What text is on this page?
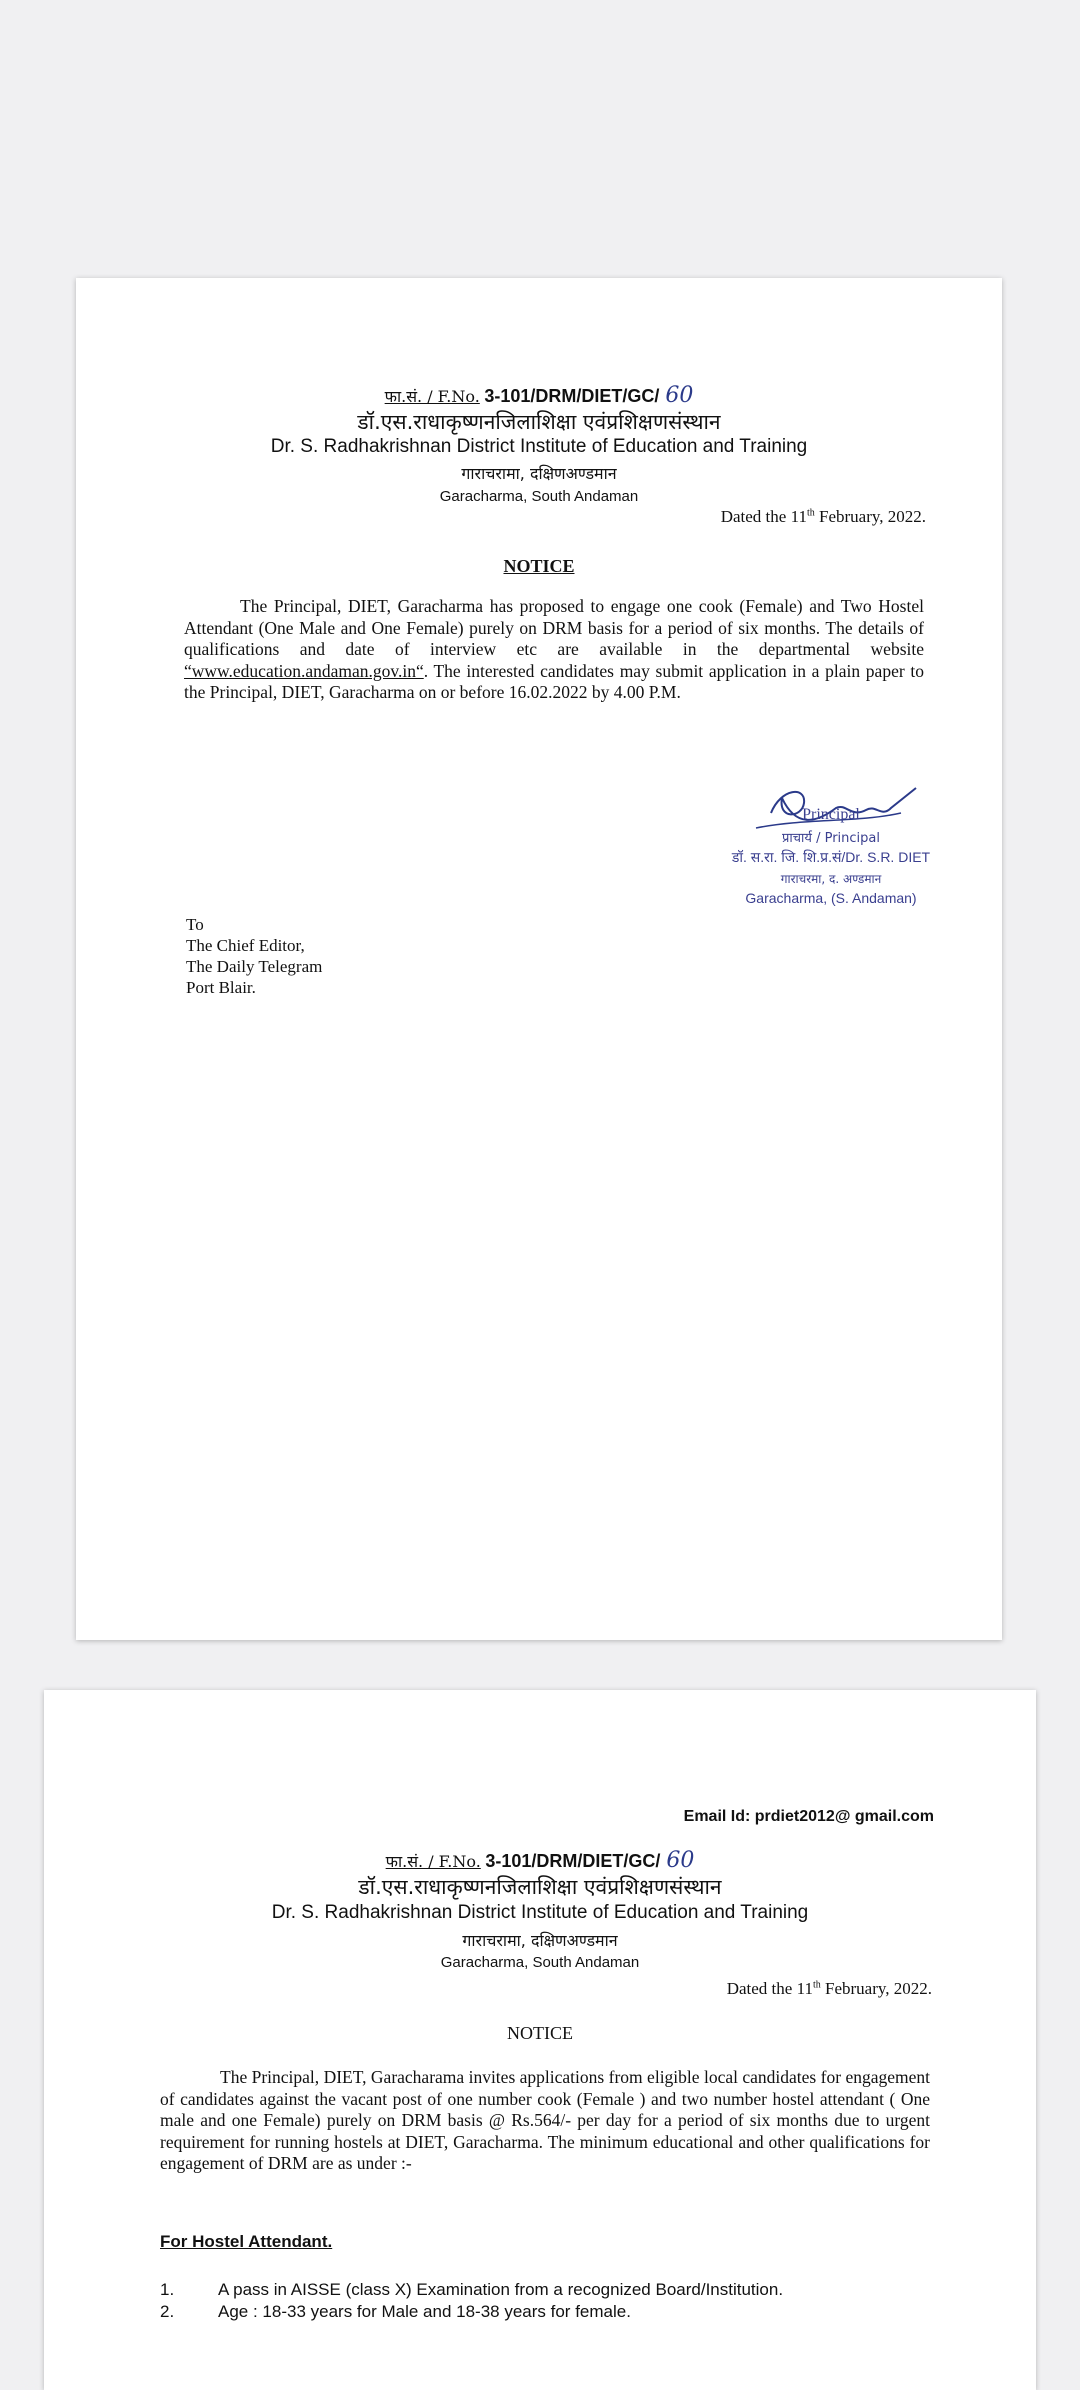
फा.सं. / F.No. 3-101/DRM/DIET/GC/ 60
डॉ.एस.राधाकृष्णनजिलाशिक्षा एवंप्रशिक्षणसंस्थान
Dr. S. Radhakrishnan District Institute of Education and Training
गाराचरामा, दक्षिणअण्डमान
Garacharma, South Andaman
Dated the 11th February, 2022.
NOTICE
The Principal, DIET, Garacharma has proposed to engage one cook (Female) and Two Hostel Attendant (One Male and One Female) purely on DRM basis for a period of six months. The details of qualifications and date of interview etc are available in the departmental website “www.education.andaman.gov.in“. The interested candidates may submit application in a plain paper to the Principal, DIET, Garacharma on or before 16.02.2022 by 4.00 P.M.
Principal
प्राचार्य / Principal
डॉ. स.रा. जि. शि.प्र.सं/Dr. S.R. DIET
गाराचरमा, द. अण्डमान
Garacharma, (S. Andaman)
To
The Chief Editor,
The Daily Telegram
Port Blair.
Email Id: prdiet2012@ gmail.com
फा.सं. / F.No. 3-101/DRM/DIET/GC/ 60
डॉ.एस.राधाकृष्णनजिलाशिक्षा एवंप्रशिक्षणसंस्थान
Dr. S. Radhakrishnan District Institute of Education and Training
गाराचरामा, दक्षिणअण्डमान
Garacharma, South Andaman
Dated the 11th February, 2022.
NOTICE
The Principal, DIET, Garacharama invites applications from eligible local candidates for engagement of candidates against the vacant post of one number cook (Female ) and two number hostel attendant ( One male and one Female) purely on DRM basis @ Rs.564/- per day for a period of six months due to urgent requirement for running hostels at DIET, Garacharma. The minimum educational and other qualifications for engagement of DRM are as under :-
For Hostel Attendant.
1.	A pass in AISSE (class X) Examination from a recognized Board/Institution.
2.	Age : 18-33 years for Male and 18-38 years for female.
